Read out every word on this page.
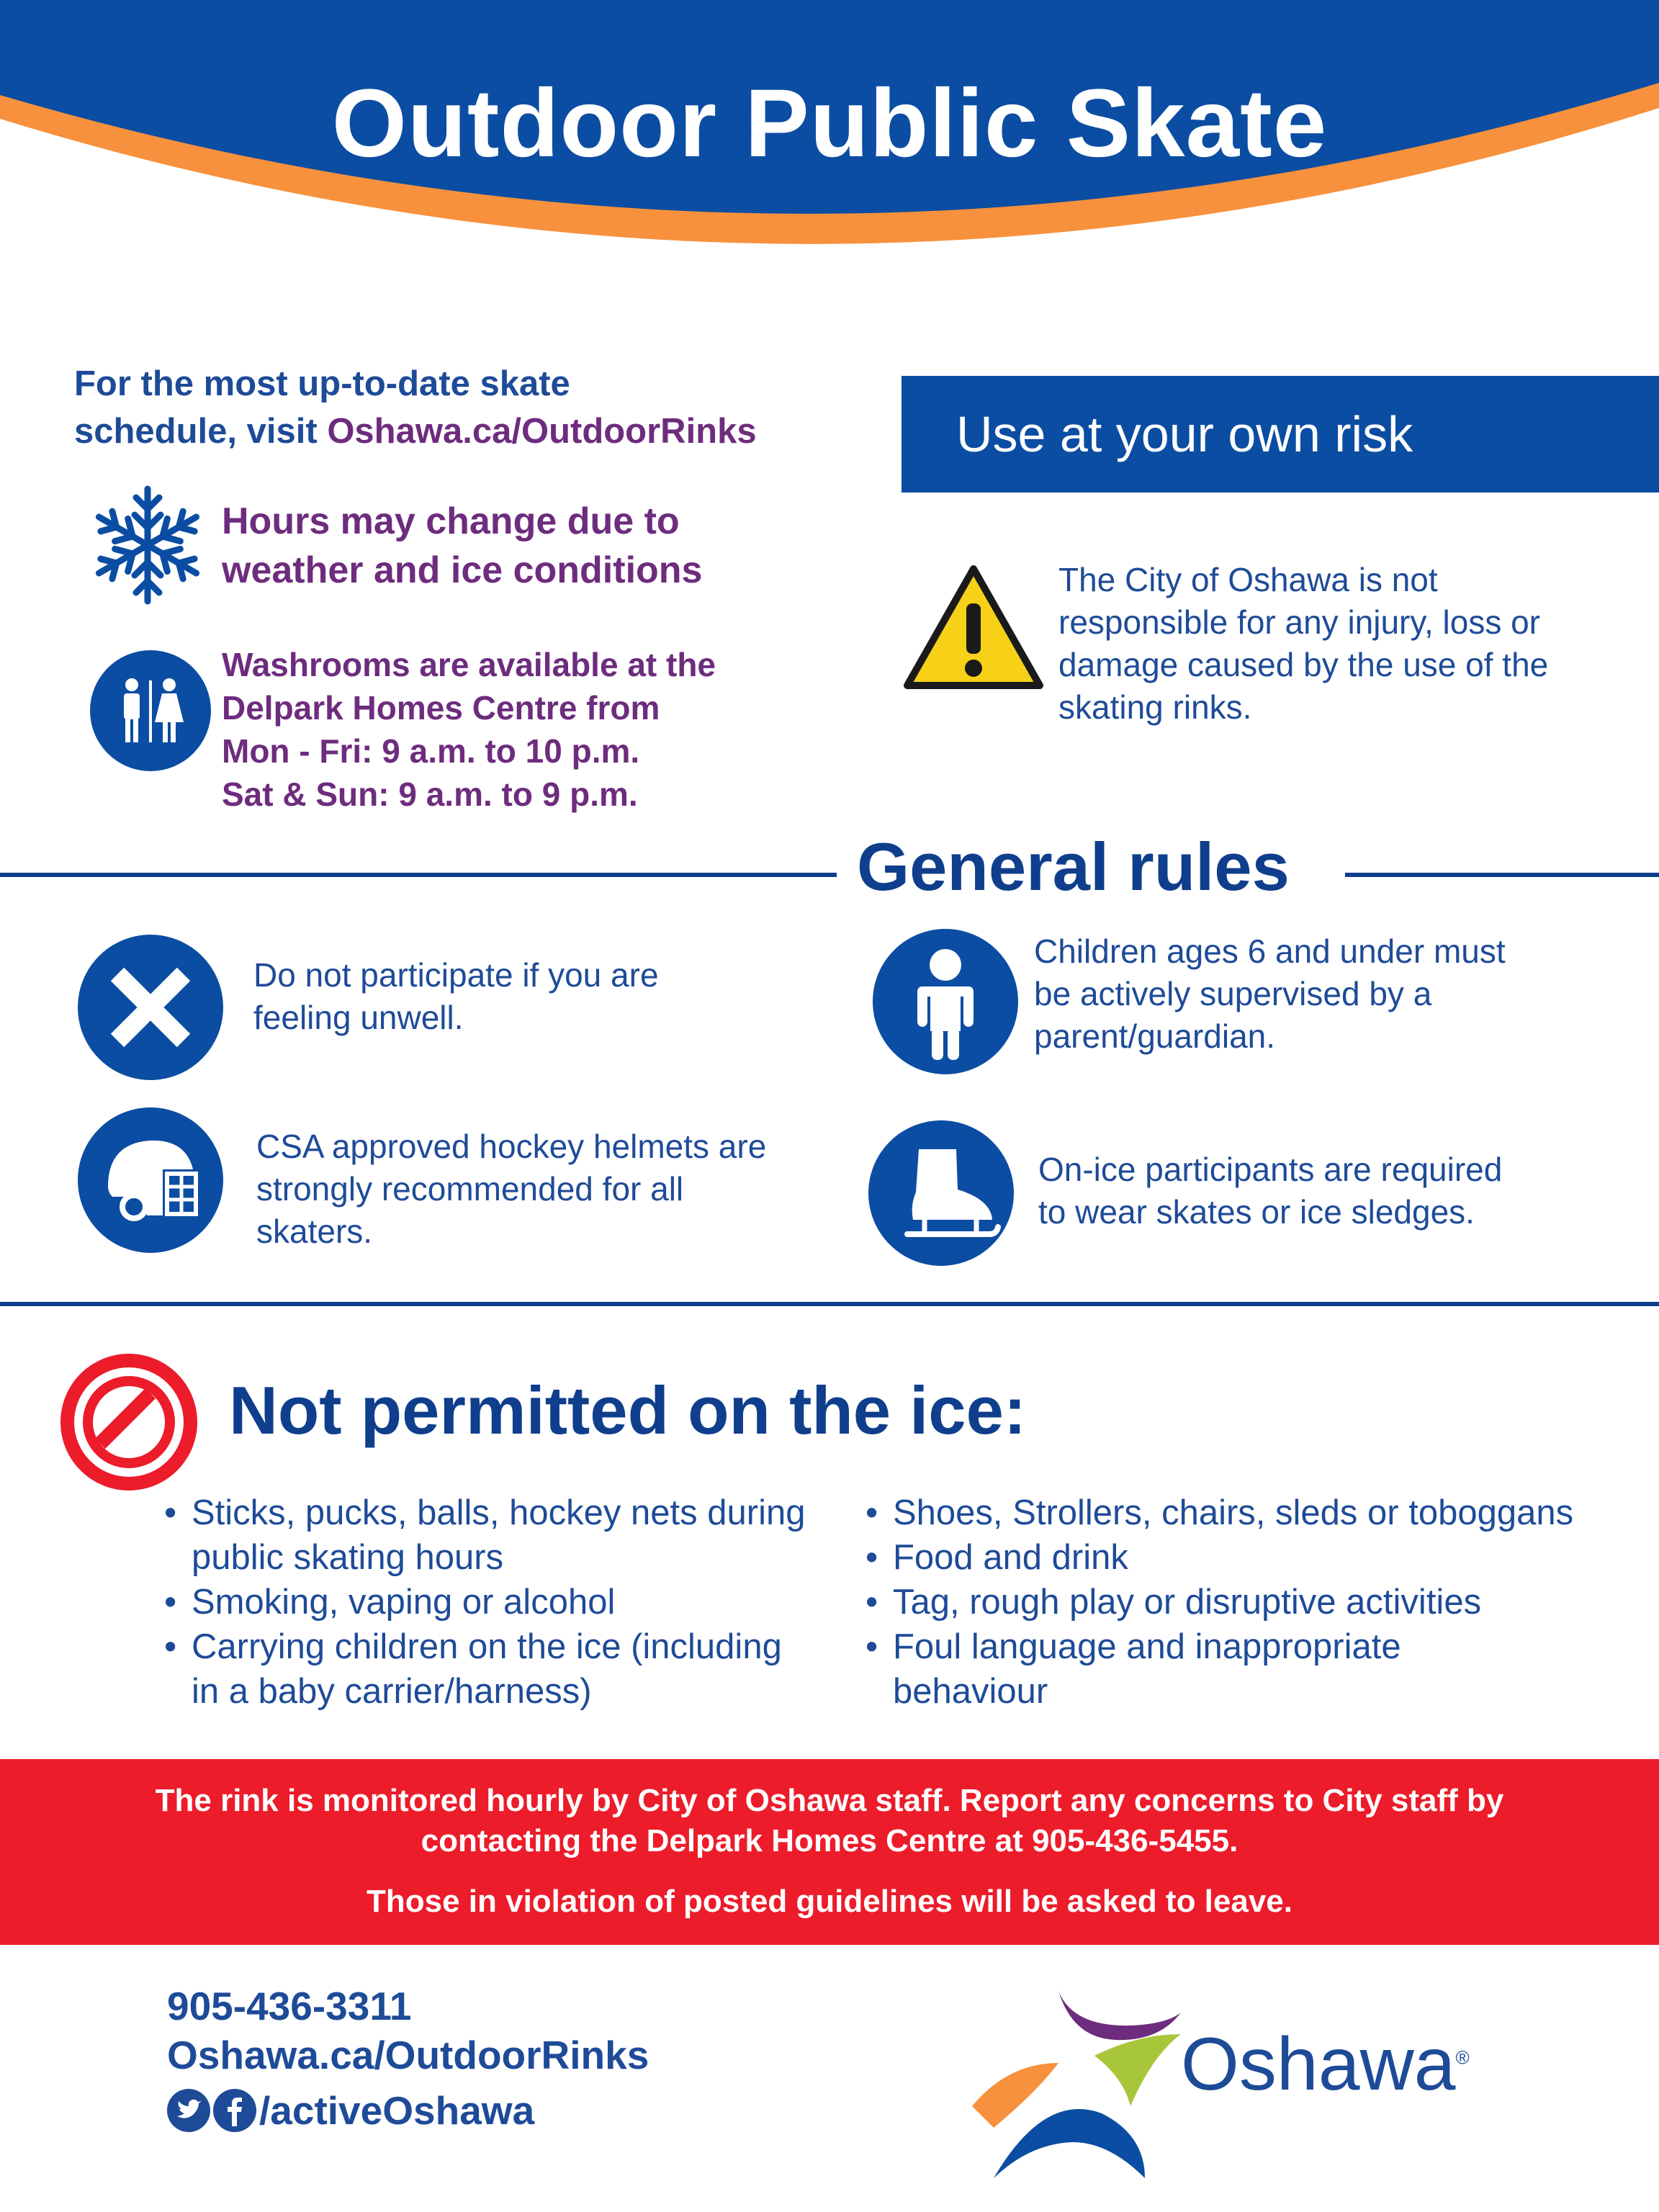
Outdoor Public Skate
For the most up-to-date skate
schedule, visit Oshawa.ca/OutdoorRinks	Use at your own risk
Hours may change due to
weather and ice conditions
Washrooms are available at the
Delpark Homes Centre from
Mon - Fri: 9 a.m. to 10 p.m.
Sat & Sun: 9 a.m. to 9 p.m.
The City of Oshawa is not
responsible for any injury, loss or
damage caused by the use of the
skating rinks.
General rules
Do not participate if you are
feeling unwell.
Children ages 6 and under must
be actively supervised by a
parent/guardian.
CSA approved hockey helmets are
strongly recommended for all
skaters.
On-ice participants are required
to wear skates or ice sledges.
Not permitted on the ice:
• Sticks, pucks, balls, hockey nets during
public skating hours
• Smoking, vaping or alcohol
• Carrying children on the ice (including
in a baby carrier/harness)
• Shoes, Strollers, chairs, sleds or toboggans
• Food and drink
• Tag, rough play or disruptive activities
• Foul language and inappropriate
behaviour
The rink is monitored hourly by City of Oshawa staff. Report any concerns to City staff by
contacting the Delpark Homes Centre at 905-436-5455.
Those in violation of posted guidelines will be asked to leave.
905-436-3311
Oshawa.ca/OutdoorRinks
/activeOshawa
Oshawa®
